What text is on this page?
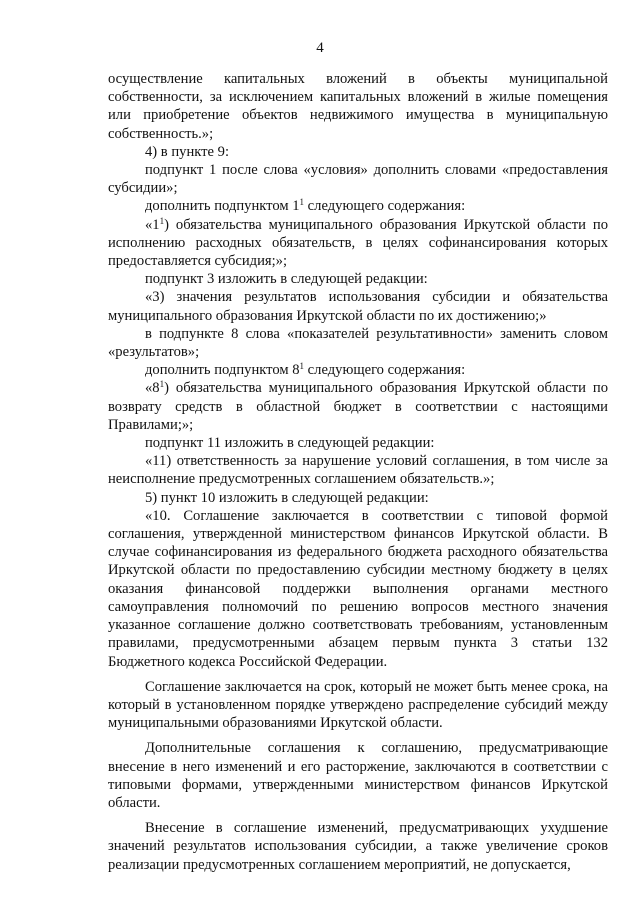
4

осуществление капитальных вложений в объекты муниципальной собственности, за исключением капитальных вложений в жилые помещения или приобретение объектов недвижимого имущества в муниципальную собственность.»;

4) в пункте 9:

подпункт 1 после слова «условия» дополнить словами «предоставления субсидии»;

дополнить подпунктом $1^1$ следующего содержания:

«$1^1$) обязательства муниципального образования Иркутской области по исполнению расходных обязательств, в целях софинансирования которых предоставляется субсидия;»;

подпункт 3 изложить в следующей редакции:

«3) значения результатов использования субсидии и обязательства муниципального образования Иркутской области по их достижению;»

в подпункте 8 слова «показателей результативности» заменить словом «результатов»;

дополнить подпунктом $8^1$ следующего содержания:

«$8^1$) обязательства муниципального образования Иркутской области по возврату средств в областной бюджет в соответствии с настоящими Правилами;»;

подпункт 11 изложить в следующей редакции:

«11) ответственность за нарушение условий соглашения, в том числе за неисполнение предусмотренных соглашением обязательств.»;

5) пункт 10 изложить в следующей редакции:

«10. Соглашение заключается в соответствии с типовой формой соглашения, утвержденной министерством финансов Иркутской области. В случае софинансирования из федерального бюджета расходного обязательства Иркутской области по предоставлению субсидии местному бюджету в целях оказания финансовой поддержки выполнения органами местного самоуправления полномочий по решению вопросов местного значения указанное соглашение должно соответствовать требованиям, установленным правилами, предусмотренными абзацем первым пункта 3 статьи 132 Бюджетного кодекса Российской Федерации.

Соглашение заключается на срок, который не может быть менее срока, на который в установленном порядке утверждено распределение субсидий между муниципальными образованиями Иркутской области.

Дополнительные соглашения к соглашению, предусматривающие внесение в него изменений и его расторжение, заключаются в соответствии с типовыми формами, утвержденными министерством финансов Иркутской области.

Внесение в соглашение изменений, предусматривающих ухудшение значений результатов использования субсидии, а также увеличение сроков реализации предусмотренных соглашением мероприятий, не допускается,
